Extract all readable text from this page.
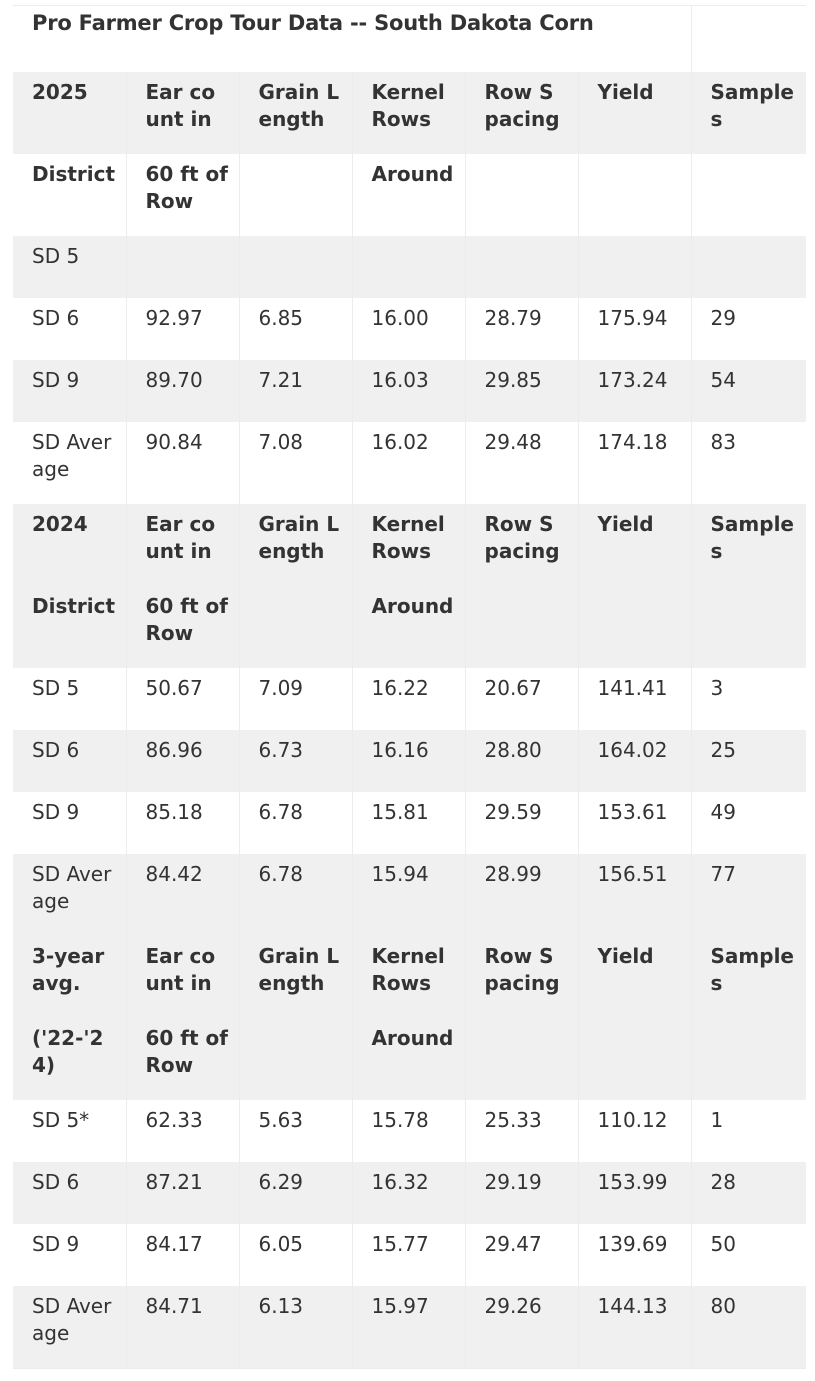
Pro Farmer Crop Tour Data -- South Dakota Corn						
2025	Ear count in	Grain Length	Kernel Rows	Row Spacing	Yield	Samples
District	60 ft of Row		Around			
SD 5						
SD 6	92.97	6.85	16.00	28.79	175.94	29
SD 9	89.70	7.21	16.03	29.85	173.24	54
SD Average	90.84	7.08	16.02	29.48	174.18	83
2024	Ear count in	Grain Length	Kernel Rows	Row Spacing	Yield	Samples
District	60 ft of Row		Around			
SD 5	50.67	7.09	16.22	20.67	141.41	3
SD 6	86.96	6.73	16.16	28.80	164.02	25
SD 9	85.18	6.78	15.81	29.59	153.61	49
SD Average	84.42	6.78	15.94	28.99	156.51	77
3-year avg.	Ear count in	Grain Length	Kernel Rows	Row Spacing	Yield	Samples
('22-'24)	60 ft of Row		Around			
SD 5*	62.33	5.63	15.78	25.33	110.12	1
SD 6	87.21	6.29	16.32	29.19	153.99	28
SD 9	84.17	6.05	15.77	29.47	139.69	50
SD Average	84.71	6.13	15.97	29.26	144.13	80
